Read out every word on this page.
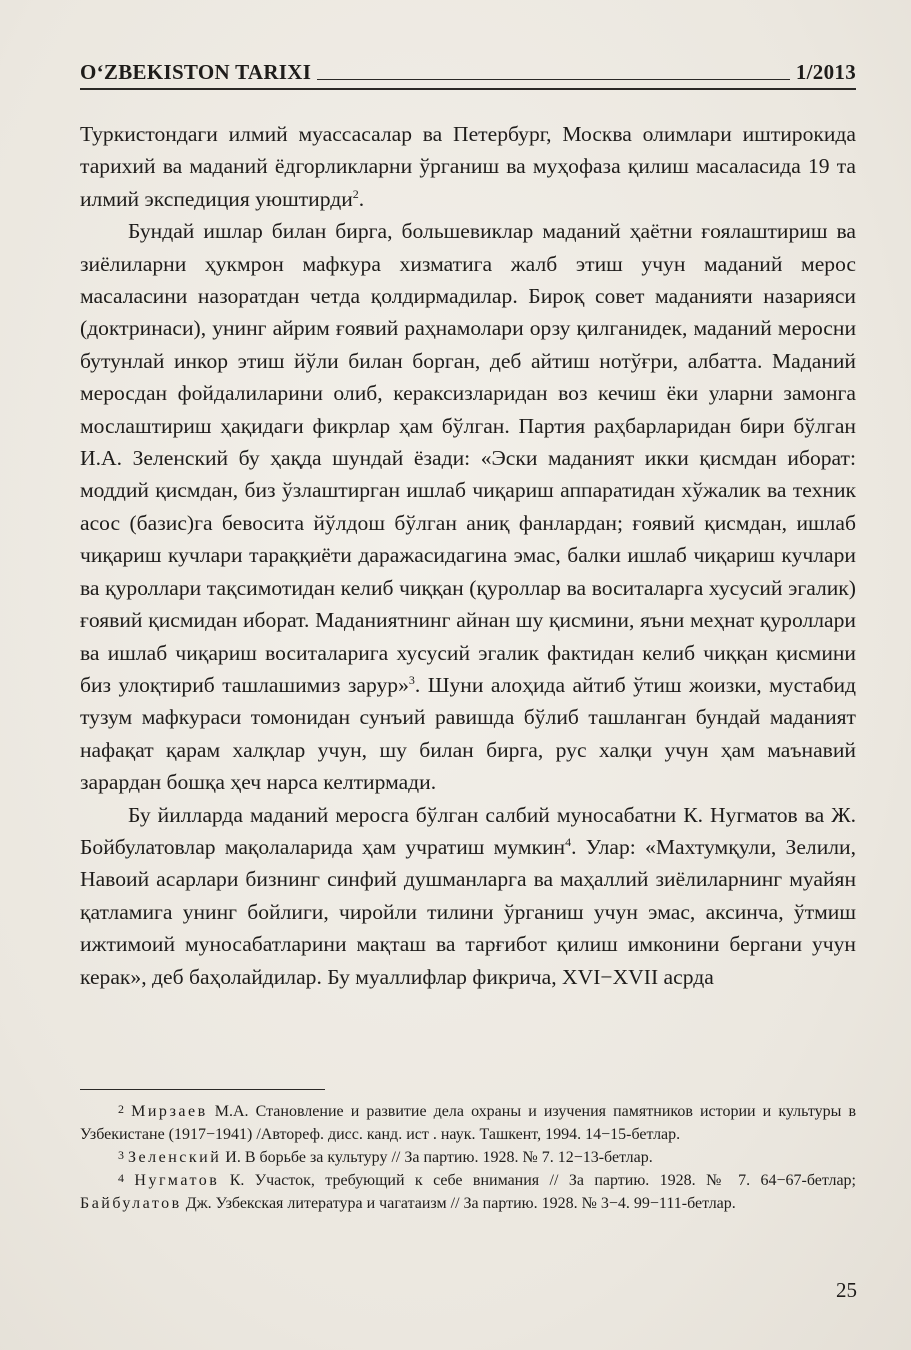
O‘ZBEKISTON TARIXI	1/2013

Туркистондаги илмий муассасалар ва Петербург, Москва олимлари иштирокида тарихий ва маданий ёдгорликларни ўрганиш ва муҳофаза қилиш масаласида 19 та илмий экспедиция уюштирди$^2$.

Бундай ишлар билан бирга, большевиклар маданий ҳаётни ғоялаштириш ва зиёлиларни ҳукмрон мафкура хизматига жалб этиш учун маданий мерос масаласини назоратдан четда қолдирмадилар. Бироқ совет маданияти назарияси (доктринаси), унинг айрим ғоявий раҳнамолари орзу қилганидек, маданий меросни бутунлай инкор этиш йўли билан борган, деб айтиш нотўғри, албатта. Маданий меросдан фойдалиларини олиб, кераксизларидан воз кечиш ёки уларни замонга мослаштириш ҳақидаги фикрлар ҳам бўлган. Партия раҳбарларидан бири бўлган И.А. Зеленский бу ҳақда шундай ёзади: «Эски маданият икки қисмдан иборат: моддий қисмдан, биз ўзлаштирган ишлаб чиқариш аппаратидан хўжалик ва техник асос (базис)га бевосита йўлдош бўлган аниқ фанлардан; ғоявий қисмдан, ишлаб чиқариш кучлари тараққиёти даражасидагина эмас, балки ишлаб чиқариш кучлари ва қуроллари тақсимотидан келиб чиққан (қуроллар ва воситаларга хусусий эгалик) ғоявий қисмидан иборат. Маданиятнинг айнан шу қисмини, яъни меҳнат қуроллари ва ишлаб чиқариш воситаларига хусусий эгалик фактидан келиб чиққан қисмини биз улоқтириб ташлашимиз зарур»$^3$. Шуни алоҳида айтиб ўтиш жоизки, мустабид тузум мафкураси томонидан сунъий равишда бўлиб ташланган бундай маданият нафақат қарам халқлар учун, шу билан бирга, рус халқи учун ҳам маънавий зарардан бошқа ҳеч нарса келтирмади.

Бу йилларда маданий меросга бўлган салбий муносабатни К. Нугматов ва Ж. Бойбулатовлар мақолаларида ҳам учратиш мумкин$^4$. Улар: «Махтумқули, Зелили, Навоий асарлари бизнинг синфий душманларга ва маҳаллий зиёлиларнинг муайян қатламига унинг бойлиги, чиройли тилини ўрганиш учун эмас, аксинча, ўтмиш ижтимоий муносабатларини мақташ ва тарғибот қилиш имконини бергани учун керак», деб баҳолайдилар. Бу муаллифлар фикрича, XVI−XVII асрда

$^2$ Мирзаев М.А. Становление и развитие дела охраны и изучения памятников истории и культуры в Узбекистане (1917−1941) /Автореф. дисс. канд. ист . наук. Ташкент, 1994. 14−15-бетлар.

$^3$ Зеленский И. В борьбе за культуру // За партию. 1928. № 7. 12−13-бетлар.

$^4$ Нугматов К. Участок, требующий к себе внимания // За партию. 1928. № 7. 64−67-бетлар; Байбулатов Дж. Узбекская литература и чагатаизм // За партию. 1928. № 3−4. 99−111-бетлар.

25
